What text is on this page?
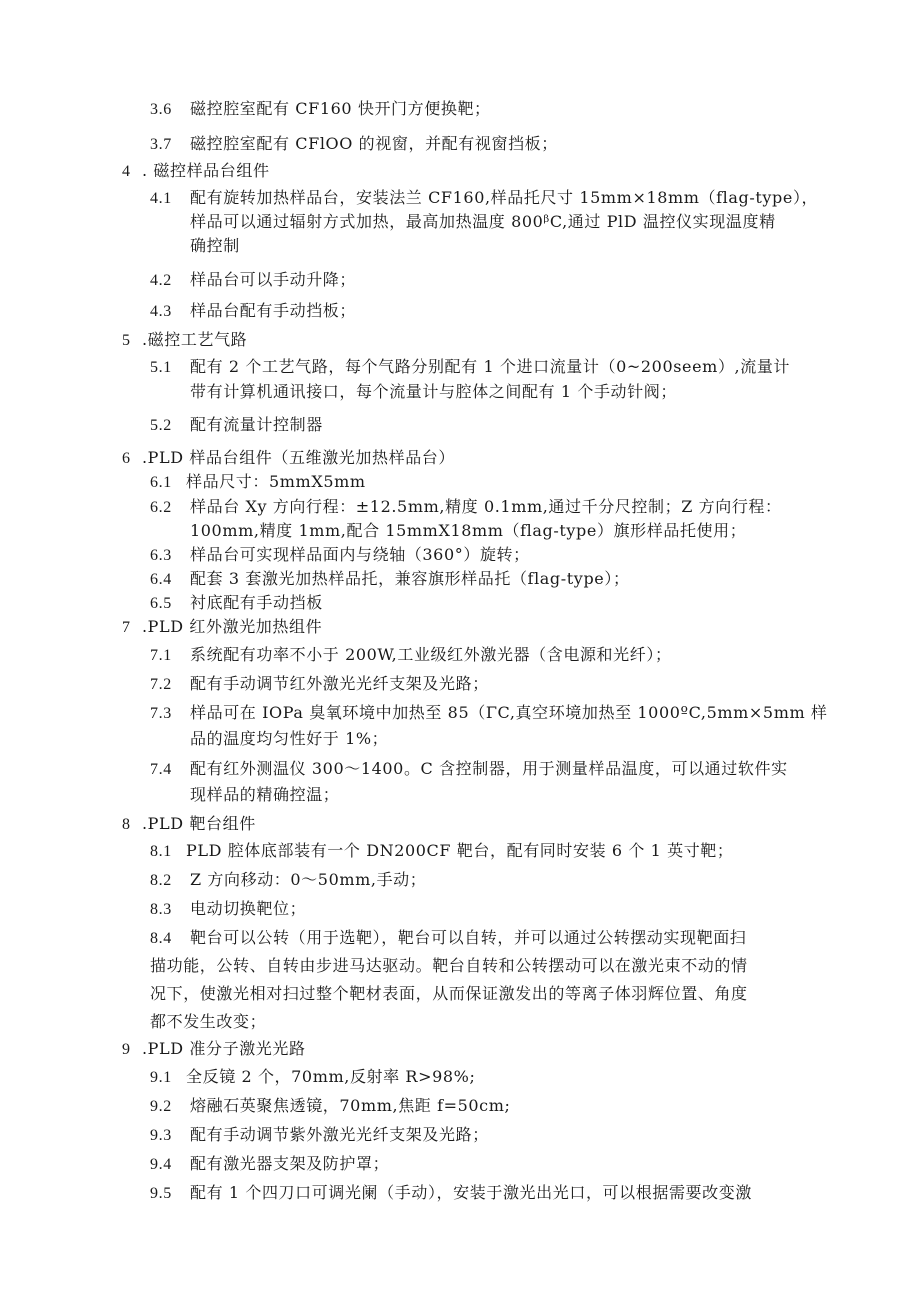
3.6 磁控腔室配有 CF160 快开门方便换靶；
3.7 磁控腔室配有 CFlOO 的视窗，并配有视窗挡板；
4 . 磁控样品台组件
4.1 配有旋转加热样品台，安装法兰 CF160,样品托尺寸 15mm×18mm（flag-type），
样品可以通过辐射方式加热，最高加热温度 800ᵝC,通过 PlD 温控仪实现温度精
确控制
4.2 样品台可以手动升降；
4.3 样品台配有手动挡板；
5 .磁控工艺气路
5.1 配有 2 个工艺气路，每个气路分别配有 1 个进口流量计（0~200seem）,流量计
带有计算机通讯接口，每个流量计与腔体之间配有 1 个手动针阀；
5.2 配有流量计控制器
6 .PLD 样品台组件（五维激光加热样品台）
6.1 样品尺寸：5mmX5mm
6.2 样品台 Xy 方向行程：±12.5mm,精度 0.1mm,通过千分尺控制；Z 方向行程：
100mm,精度 1mm,配合 15mmX18mm（flag-type）旗形样品托使用；
6.3 样品台可实现样品面内与绕轴（360°）旋转；
6.4 配套 3 套激光加热样品托，兼容旗形样品托（flag-type）；
6.5 衬底配有手动挡板
7 .PLD 红外激光加热组件
7.1 系统配有功率不小于 200W,工业级红外激光器（含电源和光纤）；
7.2 配有手动调节红外激光光纤支架及光路；
7.3 样品可在 IOPa 臭氧环境中加热至 85（ΓC,真空环境加热至 1000ºC,5mm×5mm 样
品的温度均匀性好于 1%；
7.4 配有红外测温仪 300～1400。C 含控制器，用于测量样品温度，可以通过软件实
现样品的精确控温；
8 .PLD 靶台组件
8.1 PLD 腔体底部装有一个 DN200CF 靶台，配有同时安装 6 个 1 英寸靶；
8.2 Z 方向移动：0～50mm,手动；
8.3 电动切换靶位；
8.4 靶台可以公转（用于选靶），靶台可以自转，并可以通过公转摆动实现靶面扫
描功能，公转、自转由步进马达驱动。靶台自转和公转摆动可以在激光束不动的情
况下，使激光相对扫过整个靶材表面，从而保证激发出的等离子体羽辉位置、角度
都不发生改变；
9 .PLD 准分子激光光路
9.1 全反镜 2 个，70mm,反射率 R>98%;
9.2 熔融石英聚焦透镜，70mm,焦距 f=50cm;
9.3 配有手动调节紫外激光光纤支架及光路；
9.4 配有激光器支架及防护罩；
9.5 配有 1 个四刀口可调光阑（手动），安装于激光出光口，可以根据需要改变激
